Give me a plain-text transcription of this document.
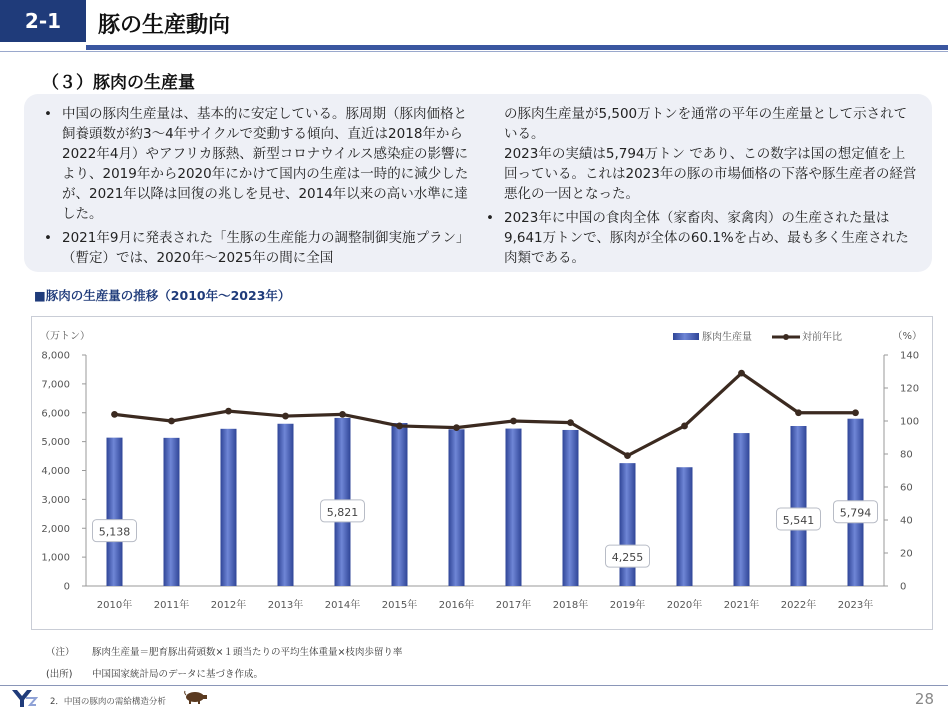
2-1 豚の生産動向
（３）豚肉の生産量
• 中国の豚肉生産量は、基本的に安定している。豚周期（豚肉価格と飼養頭数が約3～4年サイクルで変動する傾向、直近は2018年から2022年4月）やアフリカ豚熱、新型コロナウイルス感染症の影響により、2019年から2020年にかけて国内の生産は一時的に減少したが、2021年以降は回復の兆しを見せ、2014年以来の高い水準に達した。
• 2021年9月に発表された「生豚の生産能力の調整制御実施プラン」（暫定）では、2020年～2025年の間に全国

の豚肉生産量が5,500万トンを通常の平年の生産量として示されている。

2023年の実績は5,794万トン であり、この数字は国の想定値を上回っている。これは2023年の豚の市場価格の下落や豚生産者の経営悪化の一因となった。

• 2023年に中国の食肉全体（家畜肉、家禽肉）の生産された量は9,641万トンで、豚肉が全体の60.1%を占め、最も多く生産された肉類である。
■豚肉の生産量の推移（2010年～2023年）
0
1,000
2,000
3,000
4,000
5,000
6,000
7,000
8,000
0
20
40
60
80
100
120
140
（万トン）	（%）
2010年 2011年 2012年 2013年 2014年 2015年 2016年 2017年 2018年 2019年 2020年 2021年 2022年 2023年
5,138
5,821
4,255
5,541
5,794
豚肉生産量	対前年比
（注） 豚肉生産量＝肥育豚出荷頭数×１頭当たりの平均生体重量×枝肉歩留り率
(出所) 中国国家統計局のデータに基づき作成。
2．中国の豚肉の需給構造分析	28
